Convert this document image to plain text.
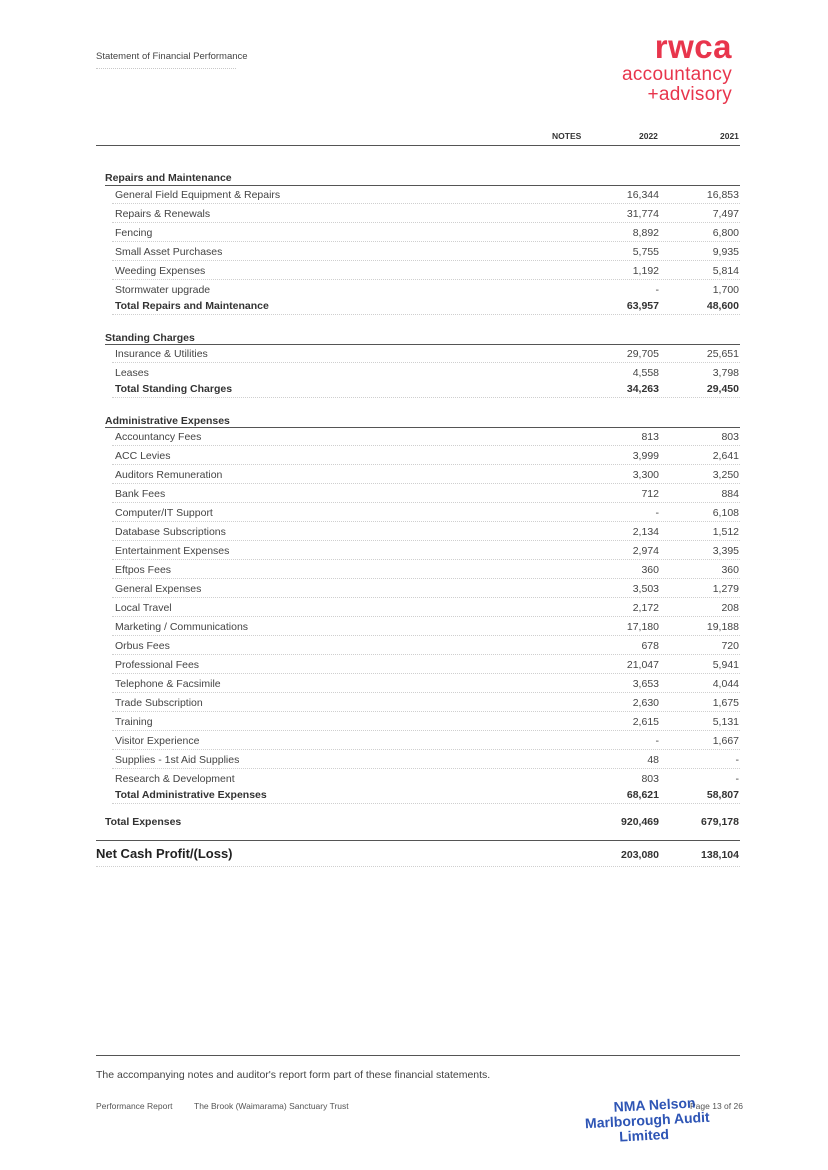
Statement of Financial Performance	rwca
accountancy
+advisory
NOTES	2022	2021
Repairs and Maintenance
General Field Equipment & Repairs	16,344	16,853
Repairs & Renewals	31,774	7,497
Fencing	8,892	6,800
Small Asset Purchases	5,755	9,935
Weeding Expenses	1,192	5,814
Stormwater upgrade	-	1,700
Total Repairs and Maintenance	63,957	48,600
Standing Charges
Insurance & Utilities	29,705	25,651
Leases	4,558	3,798
Total Standing Charges	34,263	29,450
Administrative Expenses
Accountancy Fees	813	803
ACC Levies	3,999	2,641
Auditors Remuneration	3,300	3,250
Bank Fees	712	884
Computer/IT Support	-	6,108
Database Subscriptions	2,134	1,512
Entertainment Expenses	2,974	3,395
Eftpos Fees	360	360
General Expenses	3,503	1,279
Local Travel	2,172	208
Marketing / Communications	17,180	19,188
Orbus Fees	678	720
Professional Fees	21,047	5,941
Telephone & Facsimile	3,653	4,044
Trade Subscription	2,630	1,675
Training	2,615	5,131
Visitor Experience	-	1,667
Supplies - 1st Aid Supplies	48	-
Research & Development	803	-
Total Administrative Expenses	68,621	58,807
Total Expenses	920,469	679,178
Net Cash Profit/(Loss)	203,080	138,104
The accompanying notes and auditor's report form part of these financial statements.
Performance Report	The Brook (Waimarama) Sanctuary Trust	Page 13 of 26
NMA Nelson
Marlborough Audit
Limited
